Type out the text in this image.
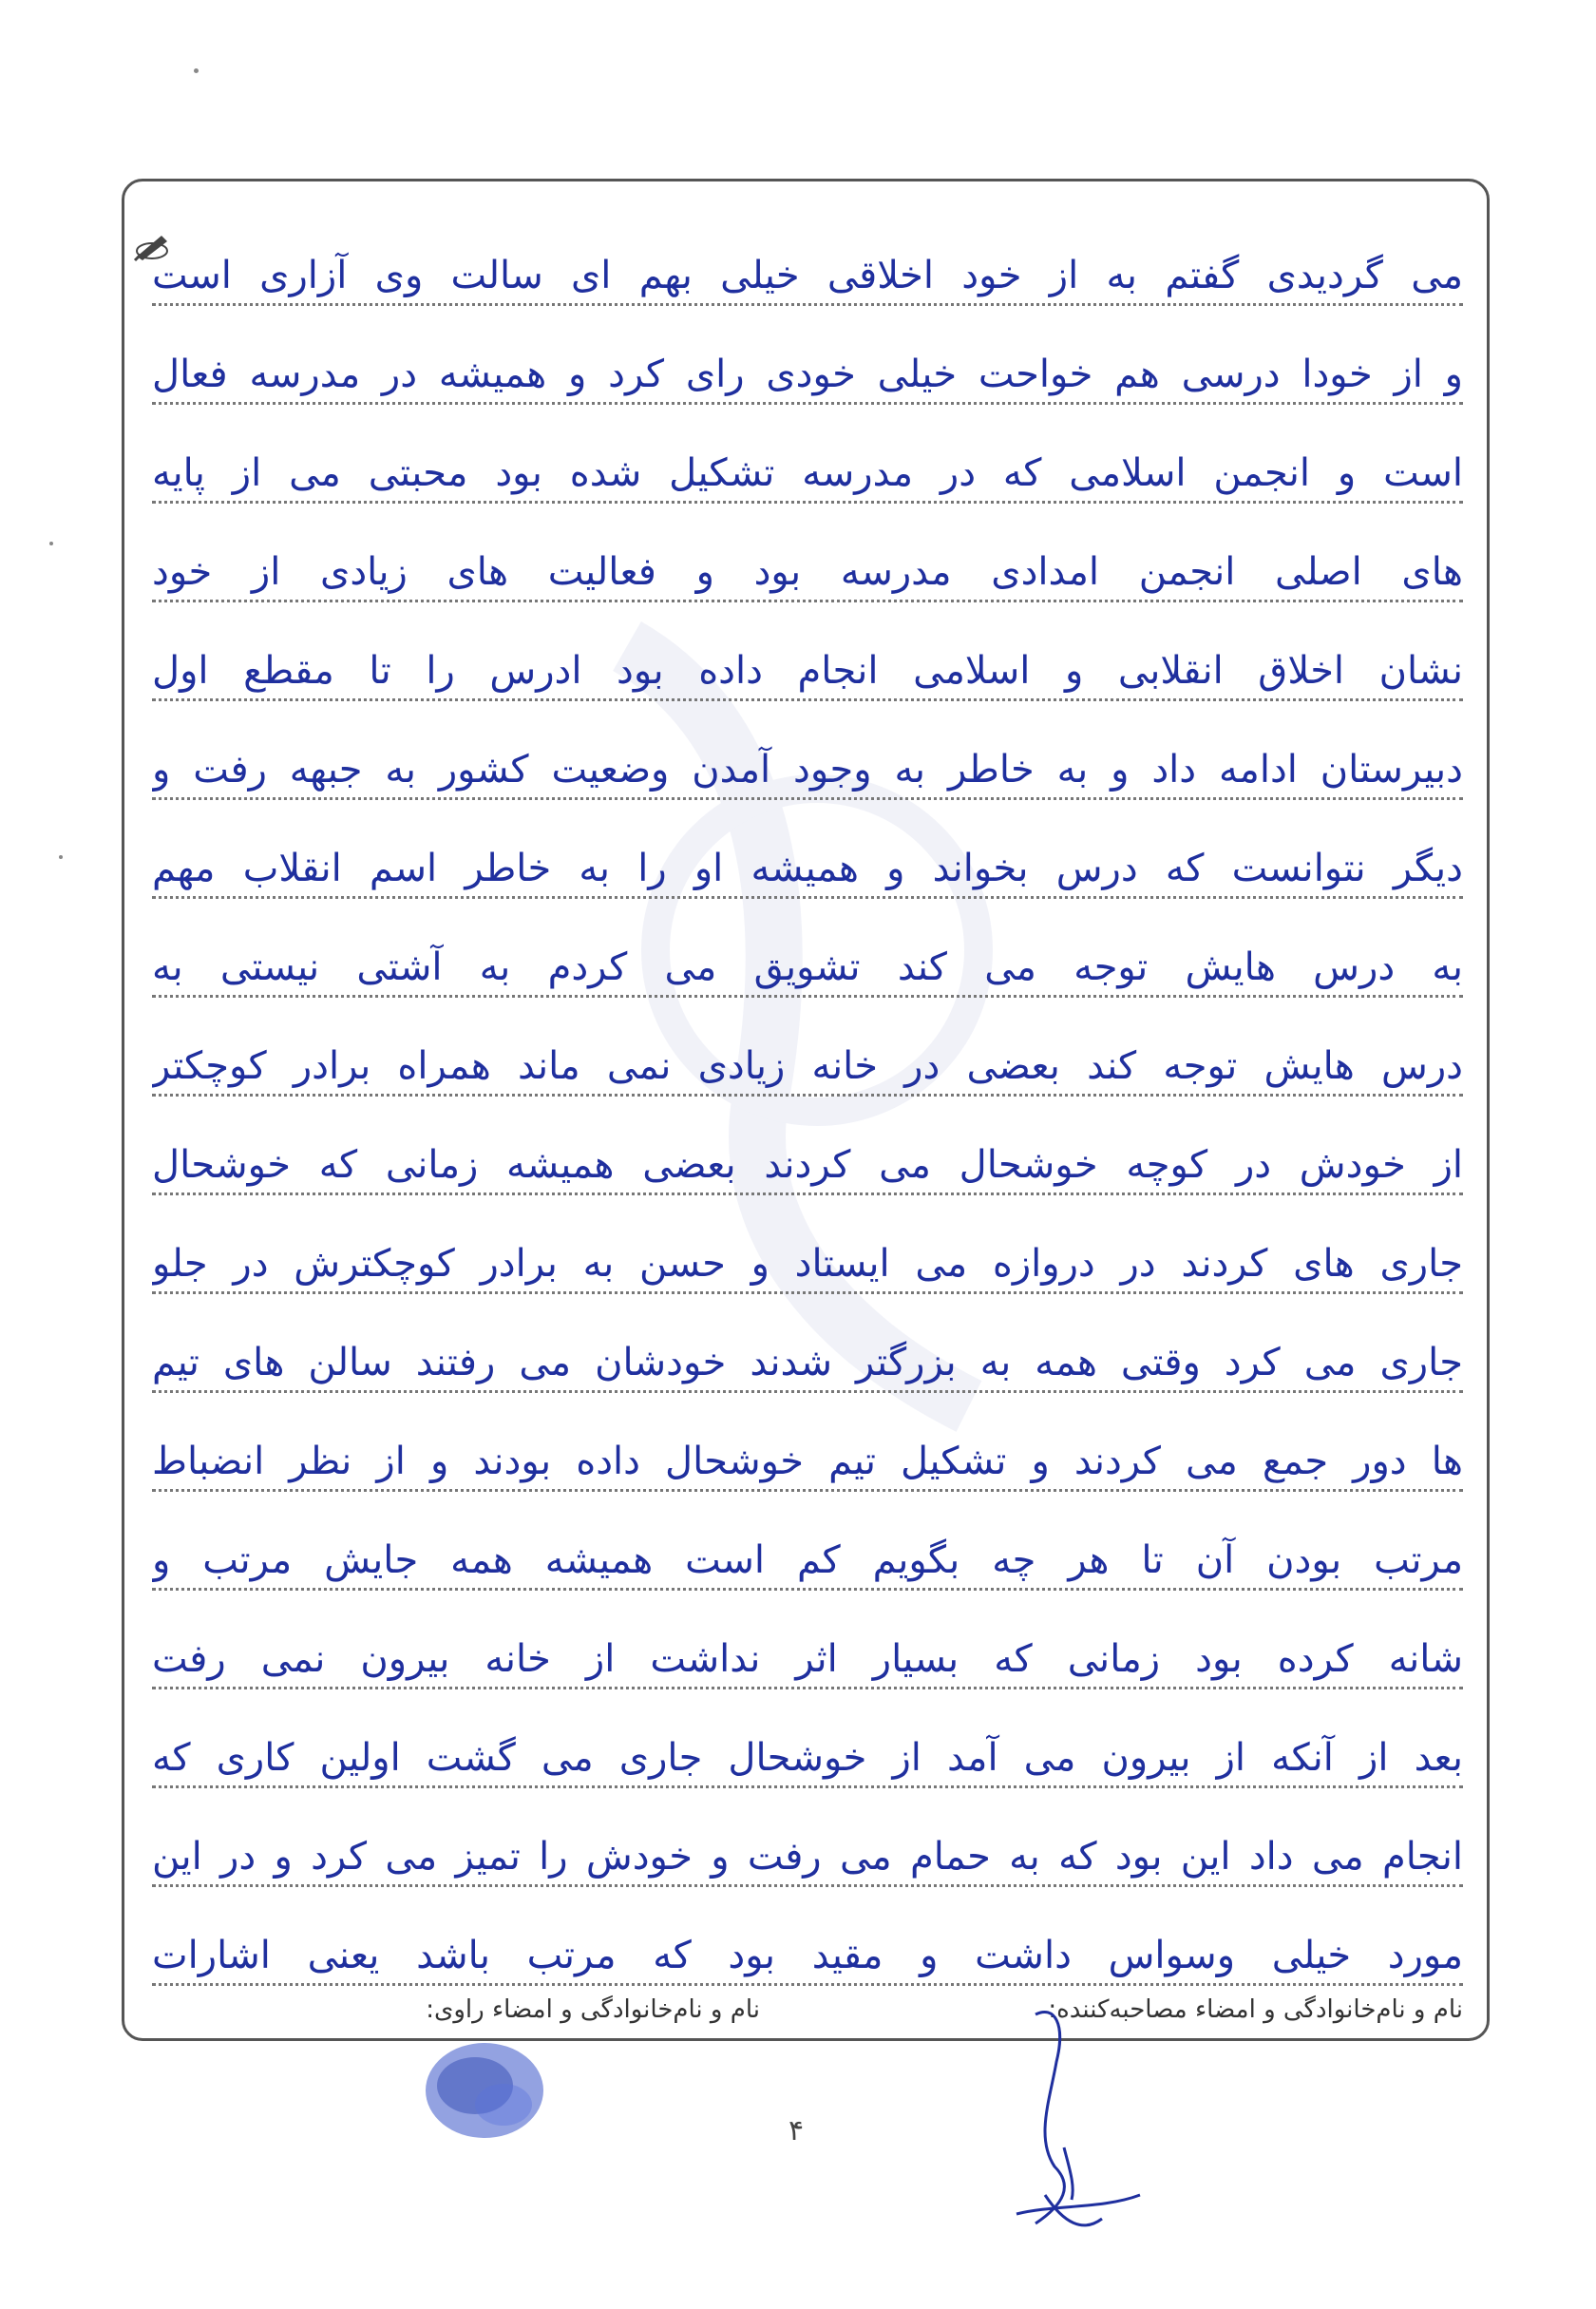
می گردیدی گفتم به از خود اخلاقی خیلی بهم ای سالت وی آزاری است
و از خودا درسی هم خواحت خیلی خودی رای کرد و همیشه در مدرسه فعال
است و انجمن اسلامی که در مدرسه تشکیل شده بود محبتی می از پایه
های اصلی انجمن امدادی مدرسه بود و فعالیت های زیادی از خود
نشان اخلاق انقلابی و اسلامی انجام داده بود ادرس را تا مقطع اول
دبیرستان ادامه داد و به خاطر به وجود آمدن وضعیت کشور به جبهه رفت و
دیگر نتوانست که درس بخواند و همیشه او را به خاطر اسم انقلاب مهم
به درس هایش توجه می کند تشویق می کردم به آشتی نیستی به
درس هایش توجه کند بعضی در خانه زیادی نمی ماند همراه برادر کوچکتر
از خودش در کوچه خوشحال می کردند بعضی همیشه زمانی که خوشحال
جاری های کردند در دروازه می ایستاد و حسن به برادر کوچکترش در جلو
جاری می کرد وقتی همه به بزرگتر شدند خودشان می رفتند سالن های تیم
ها دور جمع می کردند و تشکیل تیم خوشحال داده بودند و از نظر انضباط
مرتب بودن آن تا هر چه بگویم کم است همیشه همه جایش مرتب و
شانه کرده بود زمانی که بسیار اثر نداشت از خانه بیرون نمی رفت
بعد از آنکه از بیرون می آمد از خوشحال جاری می گشت اولین کاری که
انجام می داد این بود که به حمام می رفت و خودش را تمیز می کرد و در این
مورد خیلی وسواس داشت و مقید بود که مرتب باشد یعنی اشارات
نام و نام‌خانوادگی و امضاء مصاحبه‌کننده:
نام و نام‌خانوادگی و امضاء راوی:
۴
